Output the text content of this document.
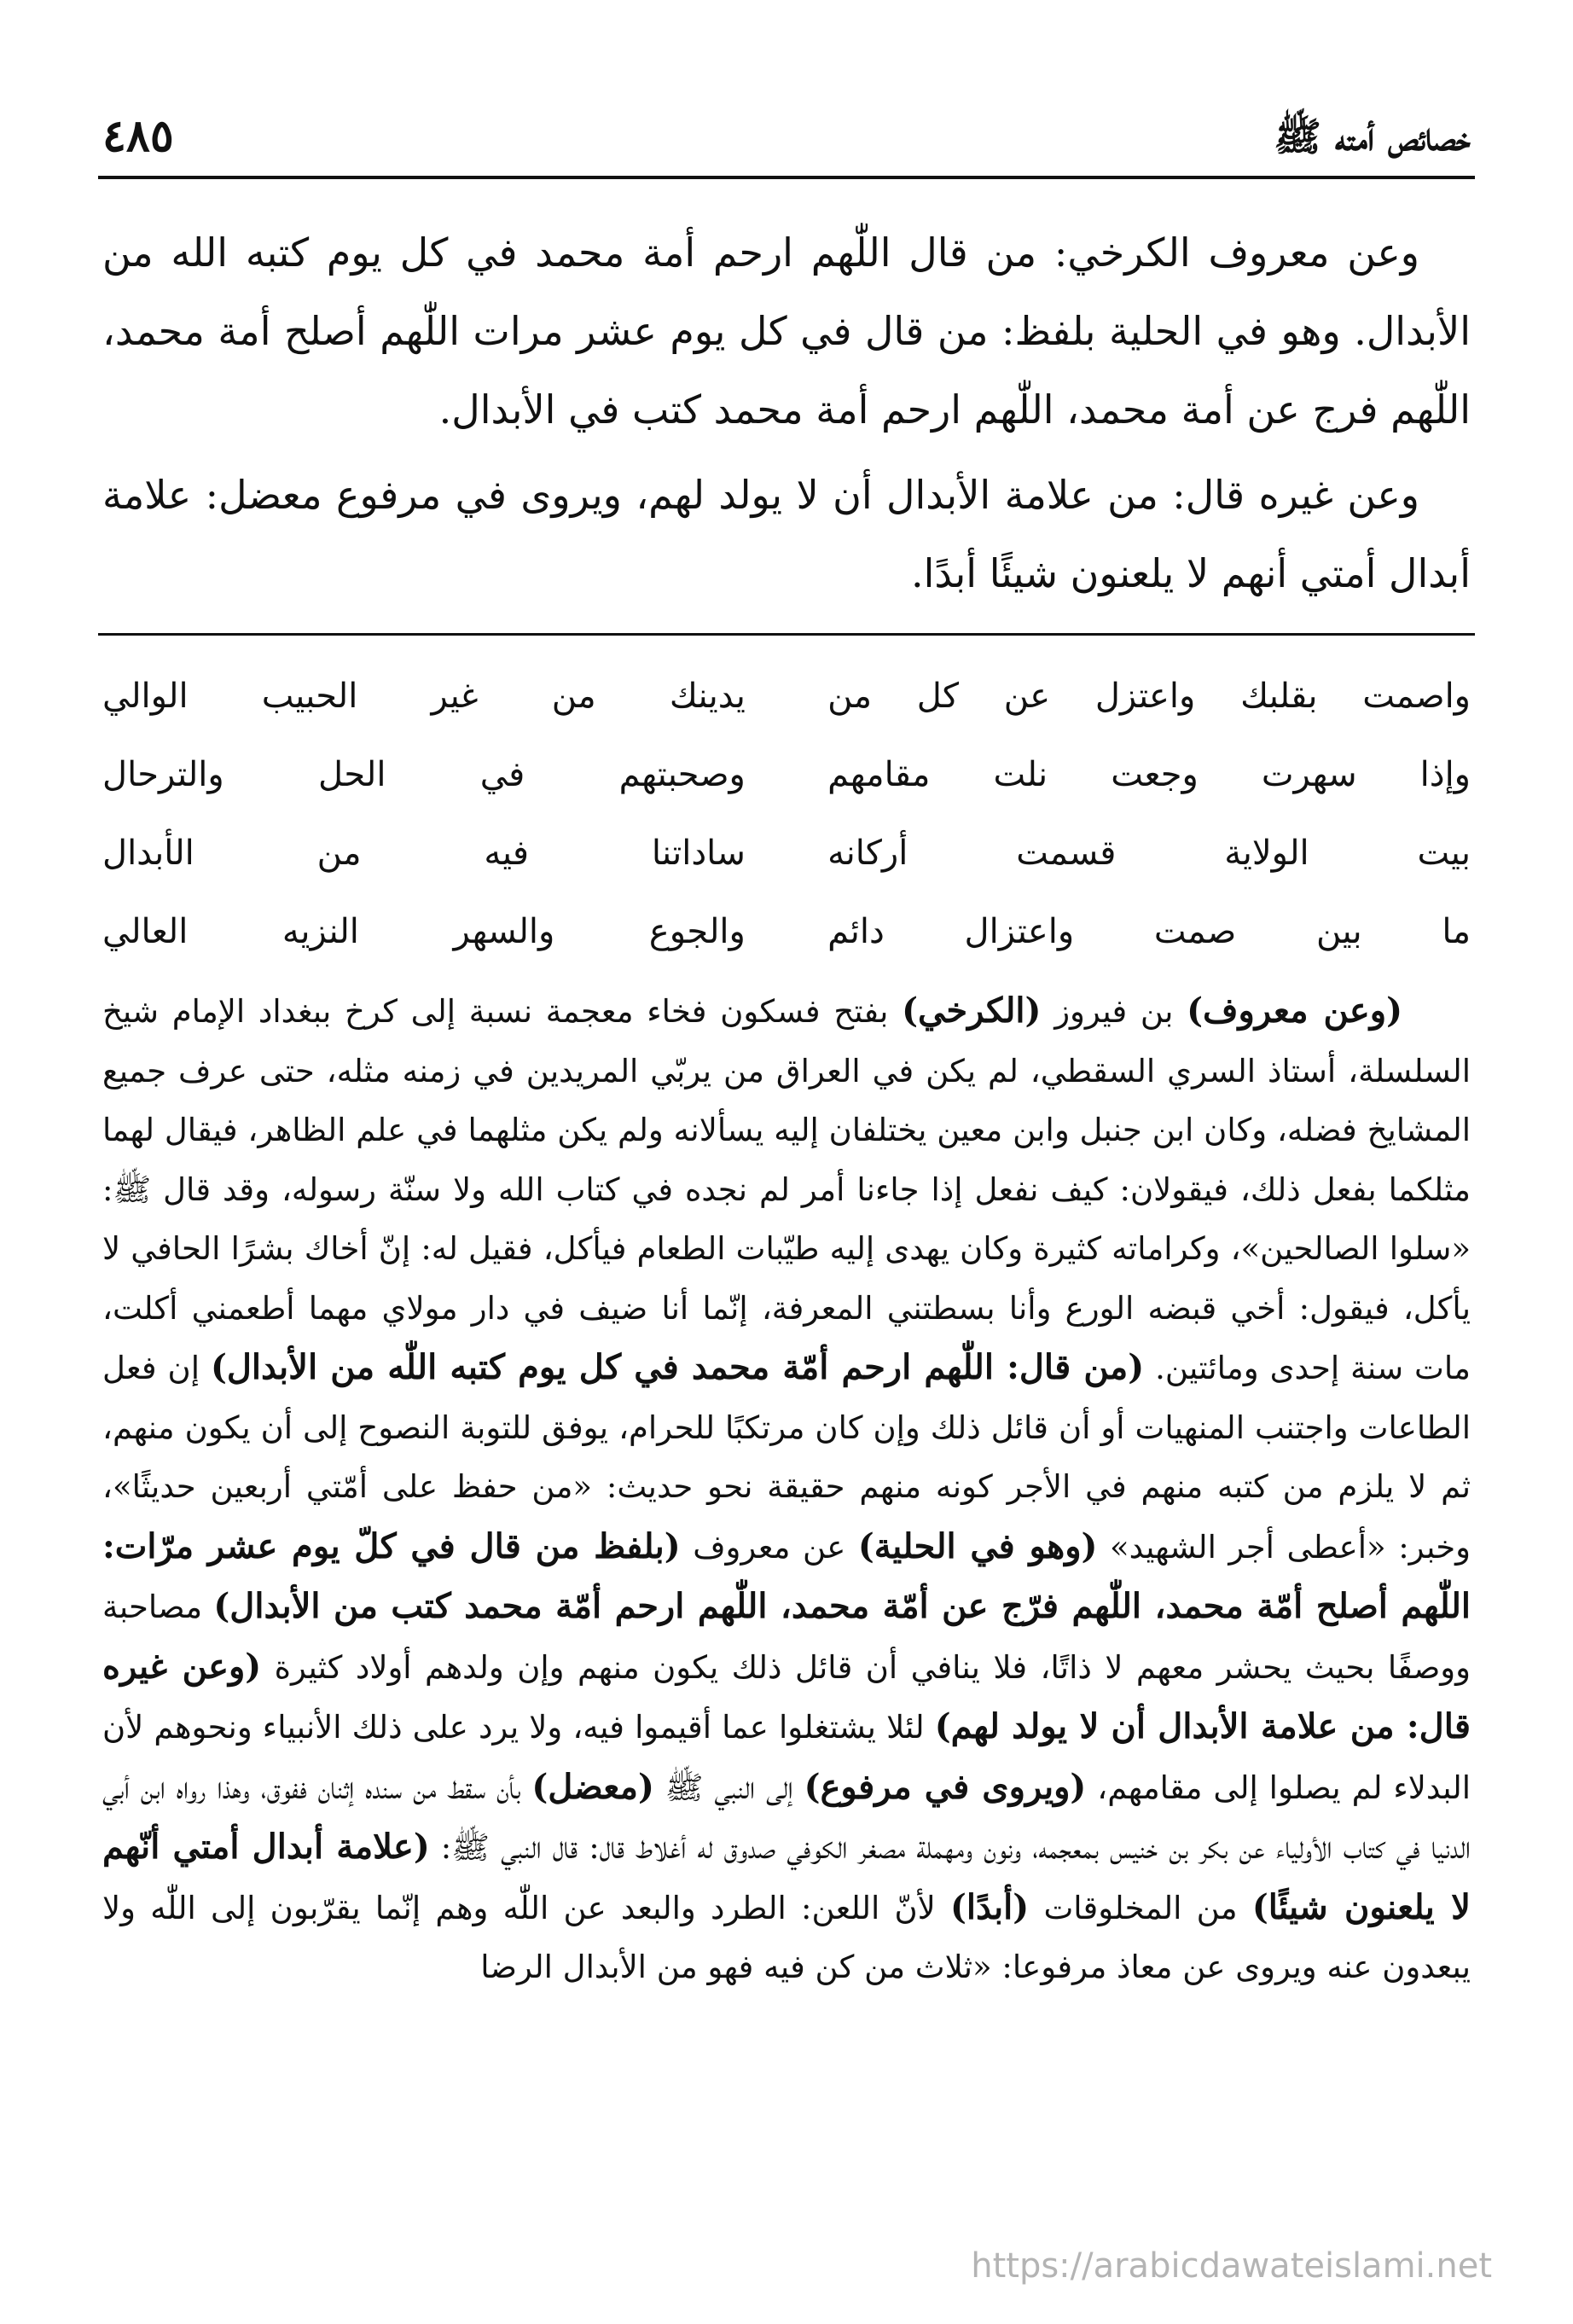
خصائص أمته ﷺ
٤٨٥

وعن معروف الكرخي: من قال اللّٰهم ارحم أمة محمد في كل يوم كتبه الله من الأبدال. وهو في الحلية بلفظ: من قال في كل يوم عشر مرات اللّٰهم أصلح أمة محمد، اللّٰهم فرج عن أمة محمد، اللّٰهم ارحم أمة محمد كتب في الأبدال.

وعن غيره قال: من علامة الأبدال أن لا يولد لهم، ويروى في مرفوع معضل: علامة أبدال أمتي أنهم لا يلعنون شيئًا أبدًا.

واصمت بقلبك واعتزل عن كل من
يدينك من غير الحبيب الوالي
وإذا سهرت وجعت نلت مقامهم
وصحبتهم في الحل والترحال
بيت الولاية قسمت أركانه
ساداتنا فيه من الأبدال
ما بين صمت واعتزال دائم
والجوع والسهر النزيه العالي

(وعن معروف) بن فيروز (الكرخي) بفتح فسكون فخاء معجمة نسبة إلى كرخ ببغداد الإمام شيخ السلسلة، أستاذ السري السقطي، لم يكن في العراق من يربّي المريدين في زمنه مثله، حتى عرف جميع المشايخ فضله، وكان ابن جنبل وابن معين يختلفان إليه يسألانه ولم يكن مثلهما في علم الظاهر، فيقال لهما مثلكما بفعل ذلك، فيقولان: كيف نفعل إذا جاءنا أمر لم نجده في كتاب الله ولا سنّة رسوله، وقد قال ﷺ: «سلوا الصالحين»، وكراماته كثيرة وكان يهدى إليه طيّبات الطعام فيأكل، فقيل له: إنّ أخاك بشرًا الحافي لا يأكل، فيقول: أخي قبضه الورع وأنا بسطتني المعرفة، إنّما أنا ضيف في دار مولاي مهما أطعمني أكلت، مات سنة إحدى ومائتين. (من قال: اللّٰهم ارحم أمّة محمد في كل يوم كتبه اللّٰه من الأبدال) إن فعل الطاعات واجتنب المنهيات أو أن قائل ذلك وإن كان مرتكبًا للحرام، يوفق للتوبة النصوح إلى أن يكون منهم، ثم لا يلزم من كتبه منهم في الأجر كونه منهم حقيقة نحو حديث: «من حفظ على أمّتي أربعين حديثًا»، وخبر: «أعطى أجر الشهيد» (وهو في الحلية) عن معروف (بلفظ من قال في كلّ يوم عشر مرّات: اللّٰهم أصلح أمّة محمد، اللّٰهم فرّج عن أمّة محمد، اللّٰهم ارحم أمّة محمد كتب من الأبدال) مصاحبة ووصفًا بحيث يحشر معهم لا ذاتًا، فلا ينافي أن قائل ذلك يكون منهم وإن ولدهم أولاد كثيرة (وعن غيره قال: من علامة الأبدال أن لا يولد لهم) لئلا يشتغلوا عما أقيموا فيه، ولا يرد على ذلك الأنبياء ونحوهم لأن البدلاء لم يصلوا إلى مقامهم، (ويروى في مرفوع) إلى النبي ﷺ (معضل) بأن سقط من سنده إثنان ففوق، وهذا رواه ابن أبي الدنيا في كتاب الأولياء عن بكر بن خنيس بمعجمه، ونون ومهملة مصغر الكوفي صدوق له أغلاط قال: قال النبي ﷺ: (علامة أبدال أمتي أنّهم لا يلعنون شيئًا) من المخلوقات (أبدًا) لأنّ اللعن: الطرد والبعد عن اللّٰه وهم إنّما يقرّبون إلى اللّٰه ولا يبعدون عنه ويروى عن معاذ مرفوعا: «ثلاث من كن فيه فهو من الأبدال الرضا

https://arabicdawateislami.net
